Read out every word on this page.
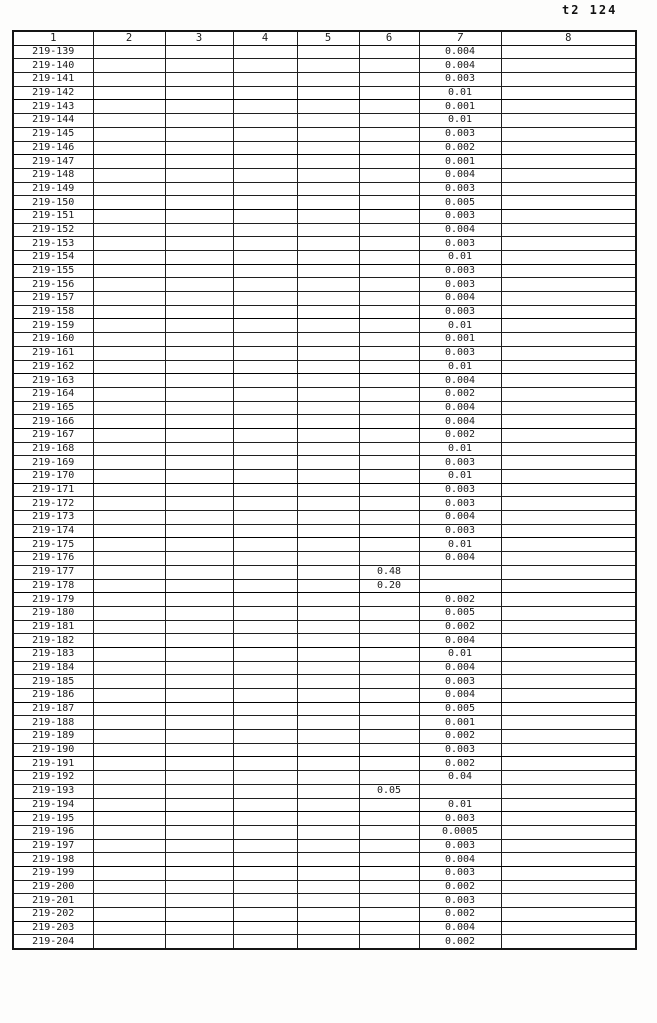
t2 124
1	2	3	4	5	6	7	8
219-139						0.004	
219-140						0.004	
219-141						0.003	
219-142						0.01	
219-143						0.001	
219-144						0.01	
219-145						0.003	
219-146						0.002	
219-147						0.001	
219-148						0.004	
219-149						0.003	
219-150						0.005	
219-151						0.003	
219-152						0.004	
219-153						0.003	
219-154						0.01	
219-155						0.003	
219-156						0.003	
219-157						0.004	
219-158						0.003	
219-159						0.01	
219-160						0.001	
219-161						0.003	
219-162						0.01	
219-163						0.004	
219-164						0.002	
219-165						0.004	
219-166						0.004	
219-167						0.002	
219-168						0.01	
219-169						0.003	
219-170						0.01	
219-171						0.003	
219-172						0.003	
219-173						0.004	
219-174						0.003	
219-175						0.01	
219-176						0.004	
219-177					0.48		
219-178					0.20		
219-179						0.002	
219-180						0.005	
219-181						0.002	
219-182						0.004	
219-183						0.01	
219-184						0.004	
219-185						0.003	
219-186						0.004	
219-187						0.005	
219-188						0.001	
219-189						0.002	
219-190						0.003	
219-191						0.002	
219-192						0.04	
219-193					0.05		
219-194						0.01	
219-195						0.003	
219-196						0.0005	
219-197						0.003	
219-198						0.004	
219-199						0.003	
219-200						0.002	
219-201						0.003	
219-202						0.002	
219-203						0.004	
219-204						0.002	
